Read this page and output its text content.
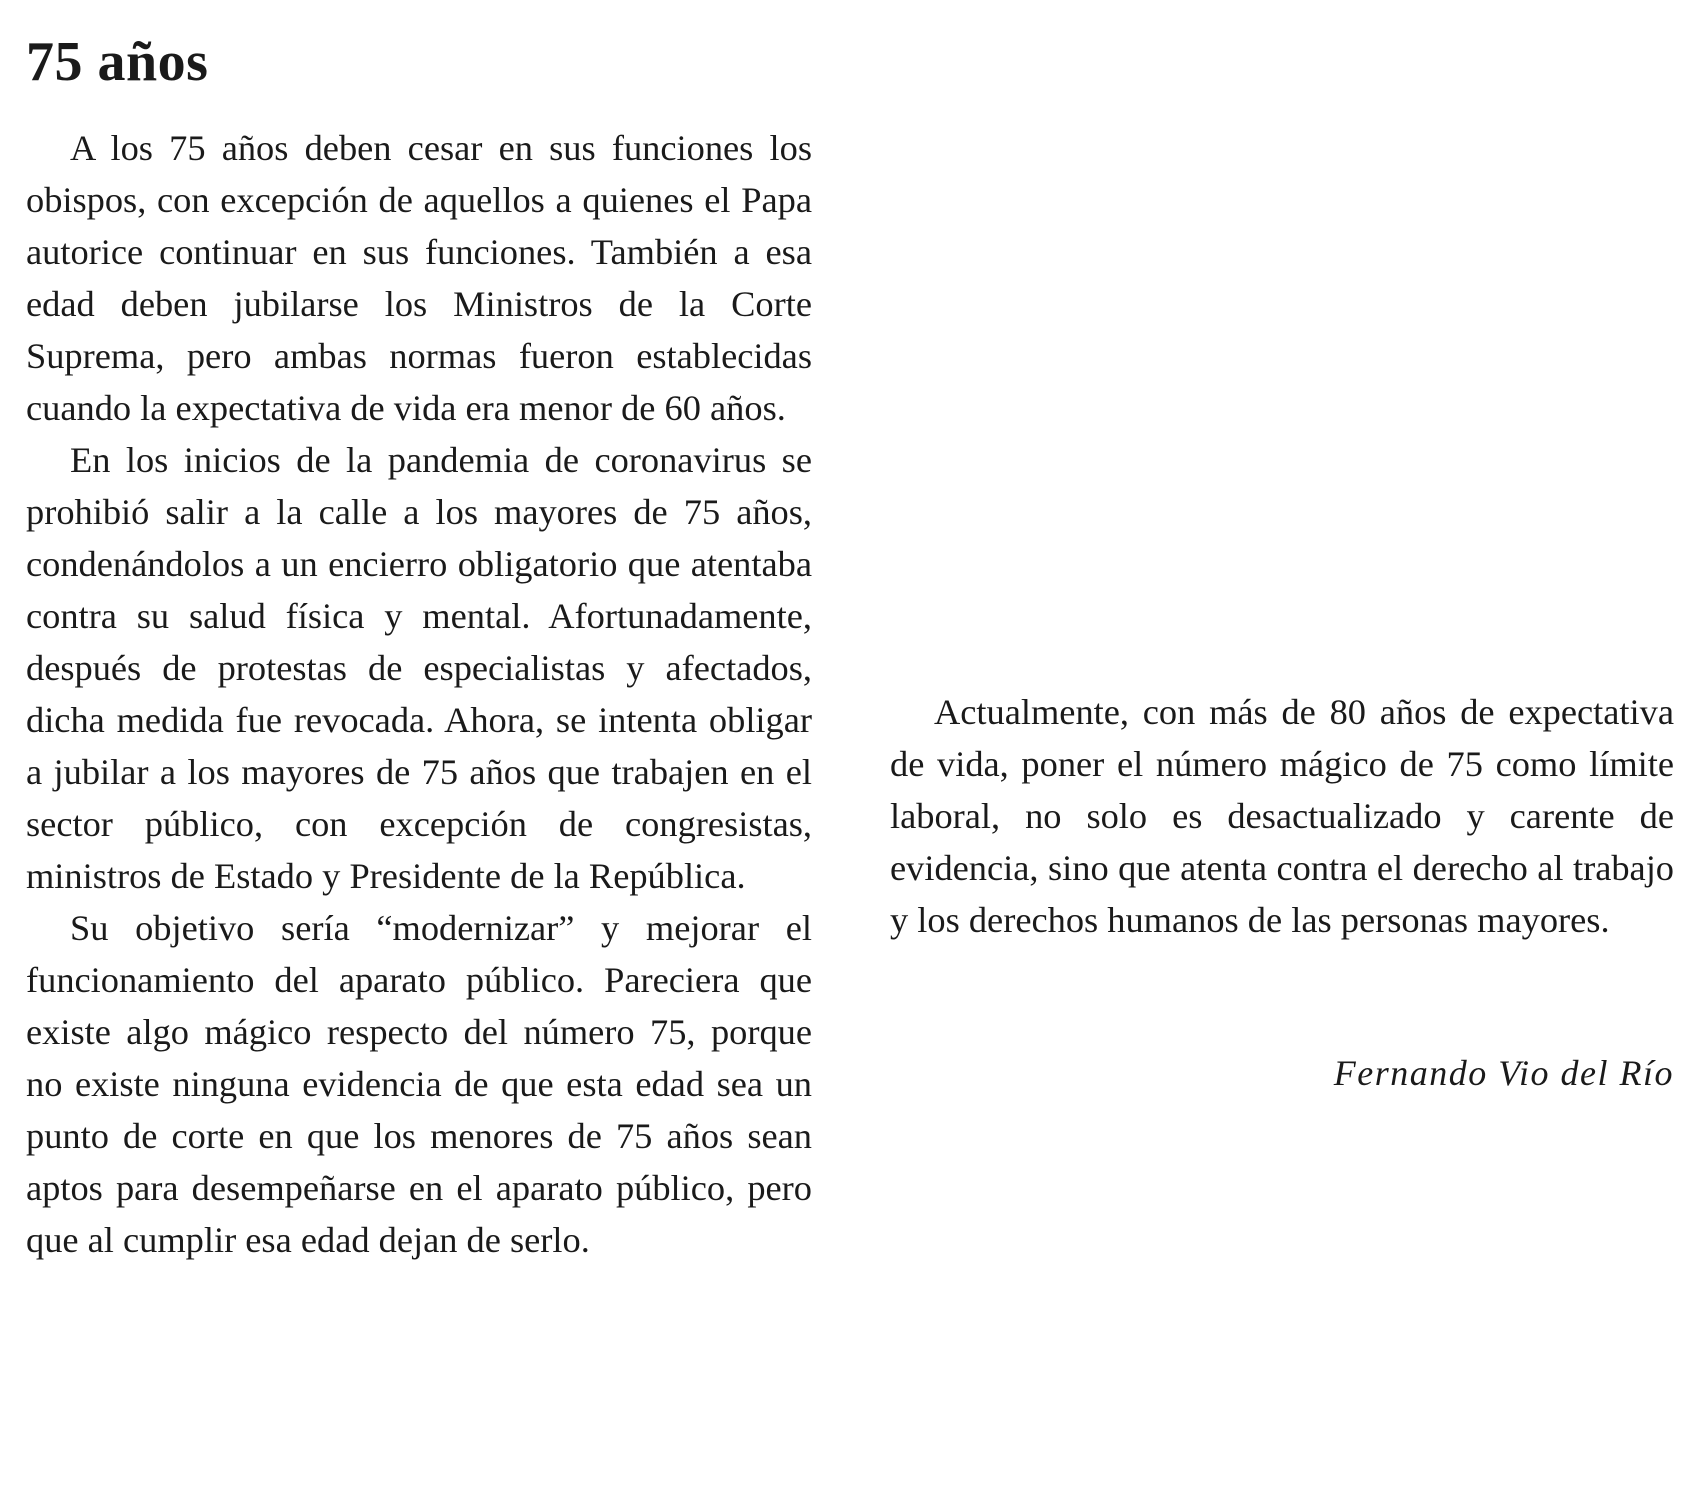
75 años

A los 75 años deben cesar en sus funciones los obispos, con excepción de aquellos a quienes el Papa autorice continuar en sus funciones. También a esa edad deben jubilarse los Ministros de la Corte Suprema, pero ambas normas fueron establecidas cuando la expectativa de vida era menor de 60 años.

En los inicios de la pandemia de coronavirus se prohibió salir a la calle a los mayores de 75 años, condenándolos a un encierro obligatorio que atentaba contra su salud física y mental. Afortunadamente, después de protestas de especialistas y afectados, dicha medida fue revocada. Ahora, se intenta obligar a jubilar a los mayores de 75 años que trabajen en el sector público, con excepción de congresistas, ministros de Estado y Presidente de la República.

Su objetivo sería “modernizar” y mejorar el funcionamiento del aparato público. Pareciera que existe algo mágico respecto del número 75, porque no existe ninguna evidencia de que esta edad sea un punto de corte en que los menores de 75 años sean aptos para desempeñarse en el aparato público, pero que al cumplir esa edad dejan de serlo.

Actualmente, con más de 80 años de expectativa de vida, poner el número mágico de 75 como límite laboral, no solo es desactualizado y carente de evidencia, sino que atenta contra el derecho al trabajo y los derechos humanos de las personas mayores.

Fernando Vio del Río
